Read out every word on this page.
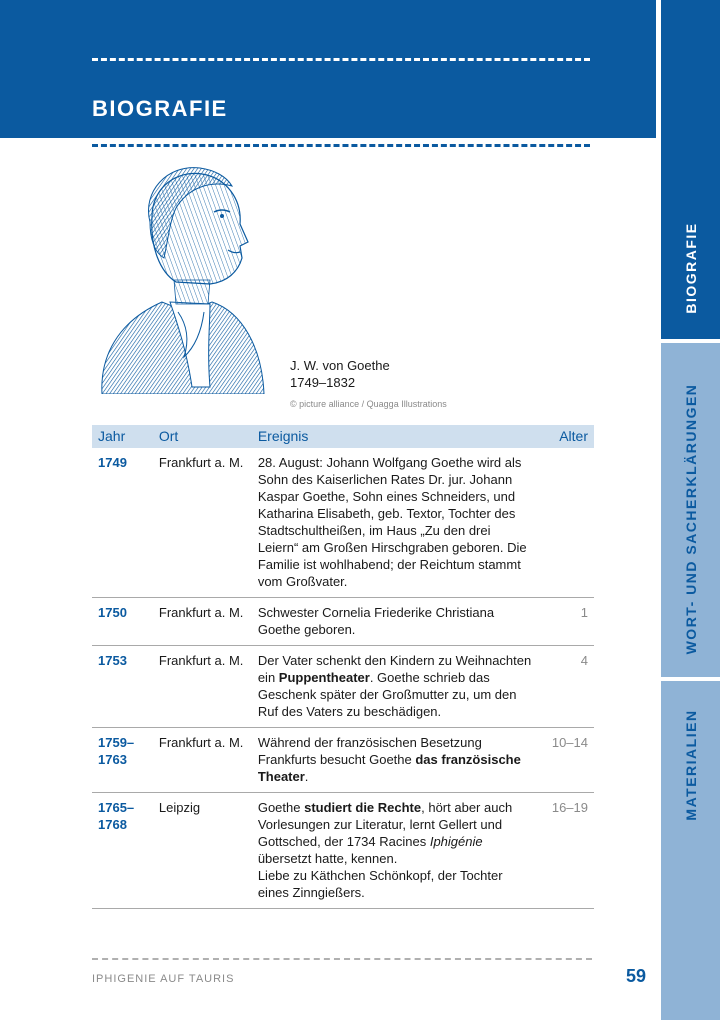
BIOGRAFIE
BIOGRAFIE
WORT- UND SACHERKLÄRUNGEN
MATERIALIEN
J. W. von Goethe
1749–1832
© picture alliance / Quagga Illustrations
Jahr	Ort	Ereignis	Alter
1749	Frankfurt a. M.	28. August: Johann Wolfgang Goethe wird als Sohn des Kaiserlichen Rates Dr. jur. Johann Kaspar Goethe, Sohn eines Schneiders, und Katharina Elisabeth, geb. Textor, Tochter des Stadtschultheißen, im Haus „Zu den drei Leiern“ am Großen Hirschgraben geboren. Die Familie ist wohlhabend; der Reichtum stammt vom Großvater.	
1750	Frankfurt a. M.	Schwester Cornelia Friederike Christiana Goethe geboren.	1
1753	Frankfurt a. M.	Der Vater schenkt den Kindern zu Weihnachten ein Puppentheater. Goethe schrieb das Geschenk später der Großmutter zu, um den Ruf des Vaters zu beschädigen.	4
1759–
1763	Frankfurt a. M.	Während der französischen Besetzung Frankfurts besucht Goethe das französische Theater.	10–14
1765–
1768	Leipzig	Goethe studiert die Rechte, hört aber auch Vorlesungen zur Literatur, lernt Gellert und Gottsched, der 1734 Racines Iphigénie übersetzt hatte, kennen.
Liebe zu Käthchen Schönkopf, der Tochter eines Zinngießers.	16–19
IPHIGENIE AUF TAURIS	59
